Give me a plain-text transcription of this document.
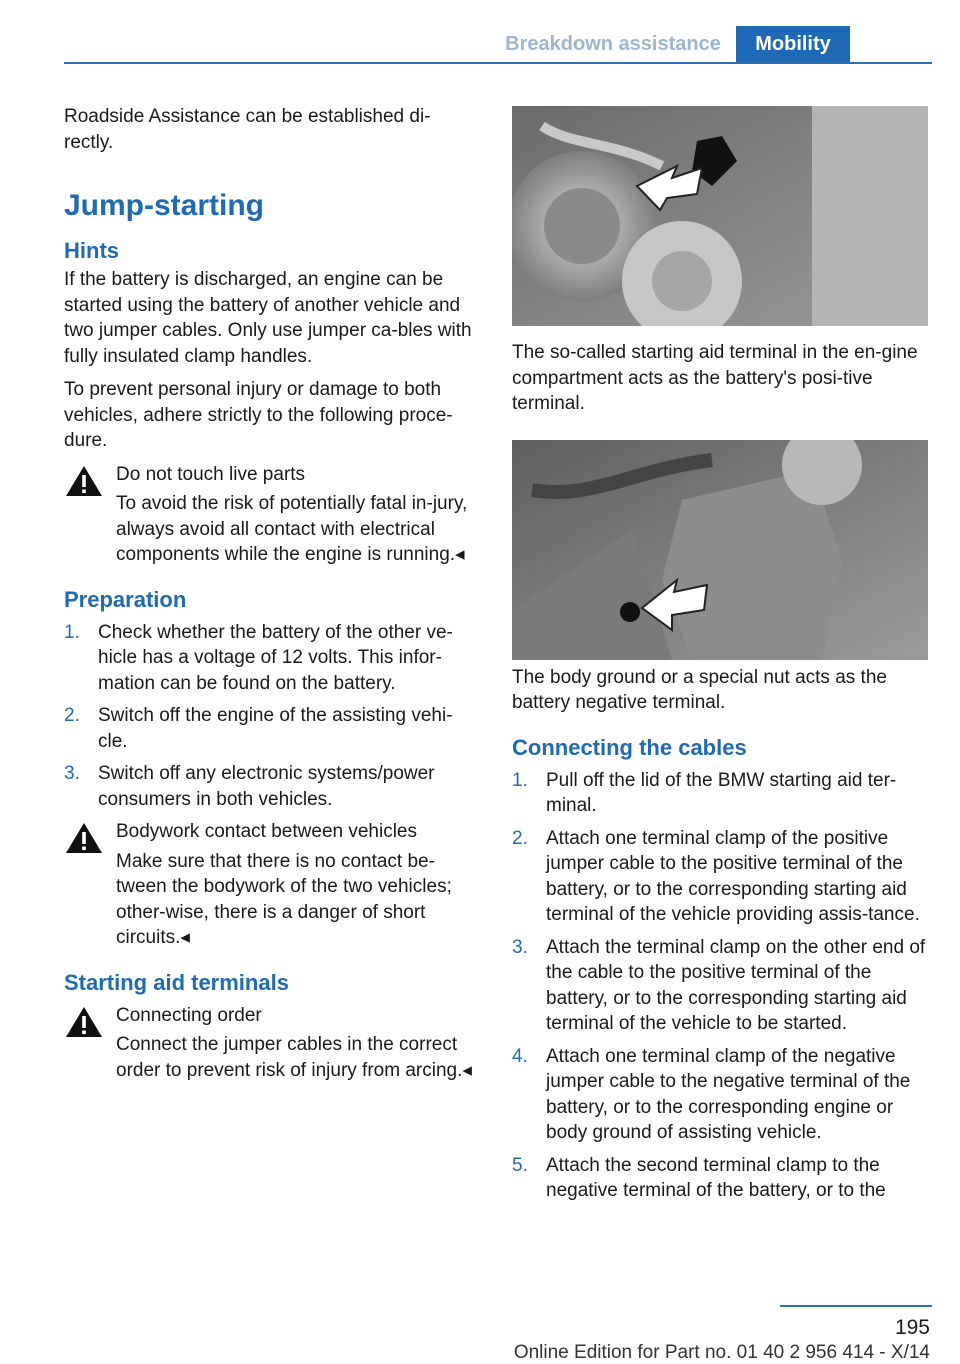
Breakdown assistance	Mobility

Roadside Assistance can be established di-rectly.

Jump-starting
Hints

If the battery is discharged, an engine can be started using the battery of another vehicle and two jumper cables. Only use jumper ca-bles with fully insulated clamp handles.

To prevent personal injury or damage to both vehicles, adhere strictly to the following proce-dure.

Do not touch live parts
To avoid the risk of potentially fatal in-jury, always avoid all contact with electrical components while the engine is running.◂
Preparation
1. Check whether the battery of the other ve-hicle has a voltage of 12 volts. This infor-mation can be found on the battery.
2. Switch off the engine of the assisting vehi-cle.
3. Switch off any electronic systems/power consumers in both vehicles.
Bodywork contact between vehicles
Make sure that there is no contact be-tween the bodywork of the two vehicles; other-wise, there is a danger of short circuits.◂
Starting aid terminals
Connecting order
Connect the jumper cables in the correct order to prevent risk of injury from arcing.◂

The so-called starting aid terminal in the en-gine compartment acts as the battery's posi-tive terminal.

The body ground or a special nut acts as the battery negative terminal.

Connecting the cables
1. Pull off the lid of the BMW starting aid ter-minal.
2. Attach one terminal clamp of the positive jumper cable to the positive terminal of the battery, or to the corresponding starting aid terminal of the vehicle providing assis-tance.
3. Attach the terminal clamp on the other end of the cable to the positive terminal of the battery, or to the corresponding starting aid terminal of the vehicle to be started.
4. Attach one terminal clamp of the negative jumper cable to the negative terminal of the battery, or to the corresponding engine or body ground of assisting vehicle.
5. Attach the second terminal clamp to the negative terminal of the battery, or to the
195
Online Edition for Part no. 01 40 2 956 414 - X/14
